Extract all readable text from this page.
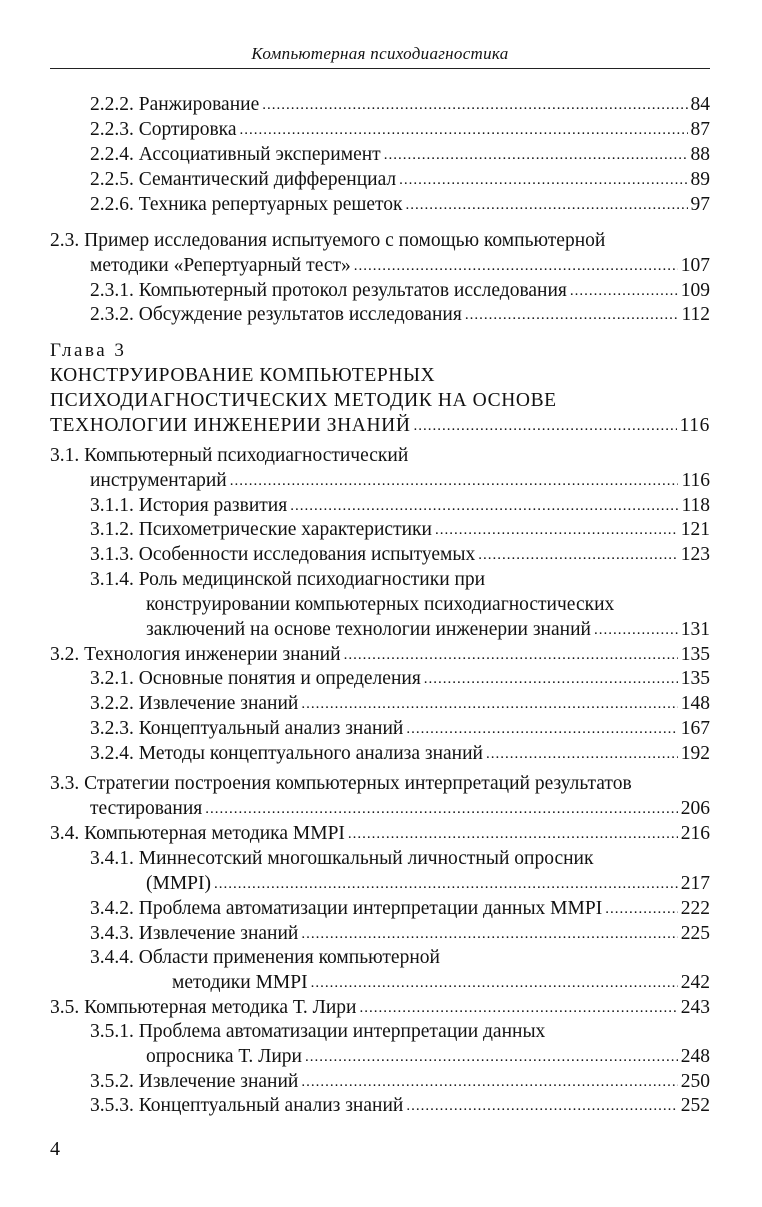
Компьютерная психодиагностика
2.2.2. Ранжирование .....	84
2.2.3. Сортировка .....	87
2.2.4. Ассоциативный эксперимент .....	88
2.2.5. Семантический дифференциал .....	89
2.2.6. Техника репертуарных решеток .....	97
2.3. Пример исследования испытуемого с помощью компьютерной
методики «Репертуарный тест» .....	107
2.3.1. Компьютерный протокол результатов исследования .....	109
2.3.2. Обсуждение результатов исследования .....	112
Глава 3
КОНСТРУИРОВАНИЕ КОМПЬЮТЕРНЫХ
ПСИХОДИАГНОСТИЧЕСКИХ МЕТОДИК НА ОСНОВЕ
ТЕХНОЛОГИИ ИНЖЕНЕРИИ ЗНАНИЙ .....	116
3.1. Компьютерный психодиагностический
инструментарий .....	116
3.1.1. История развития .....	118
3.1.2. Психометрические характеристики .....	121
3.1.3. Особенности исследования испытуемых .....	123
3.1.4. Роль медицинской психодиагностики при
конструировании компьютерных психодиагностических
заключений на основе технологии инженерии знаний .....	131
3.2. Технология инженерии знаний .....	135
3.2.1. Основные понятия и определения .....	135
3.2.2. Извлечение знаний .....	148
3.2.3. Концептуальный анализ знаний .....	167
3.2.4. Методы концептуального анализа знаний .....	192
3.3. Стратегии построения компьютерных интерпретаций результатов
тестирования .....	206
3.4. Компьютерная методика MMPI .....	216
3.4.1. Миннесотский многошкальный личностный опросник
(MMPI) .....	217
3.4.2. Проблема автоматизации интерпретации данных MMPI .....	222
3.4.3. Извлечение знаний .....	225
3.4.4. Области применения компьютерной
методики MMPI .....	242
3.5. Компьютерная методика Т. Лири .....	243
3.5.1. Проблема автоматизации интерпретации данных
опросника Т. Лири .....	248
3.5.2. Извлечение знаний .....	250
3.5.3. Концептуальный анализ знаний .....	252
4
